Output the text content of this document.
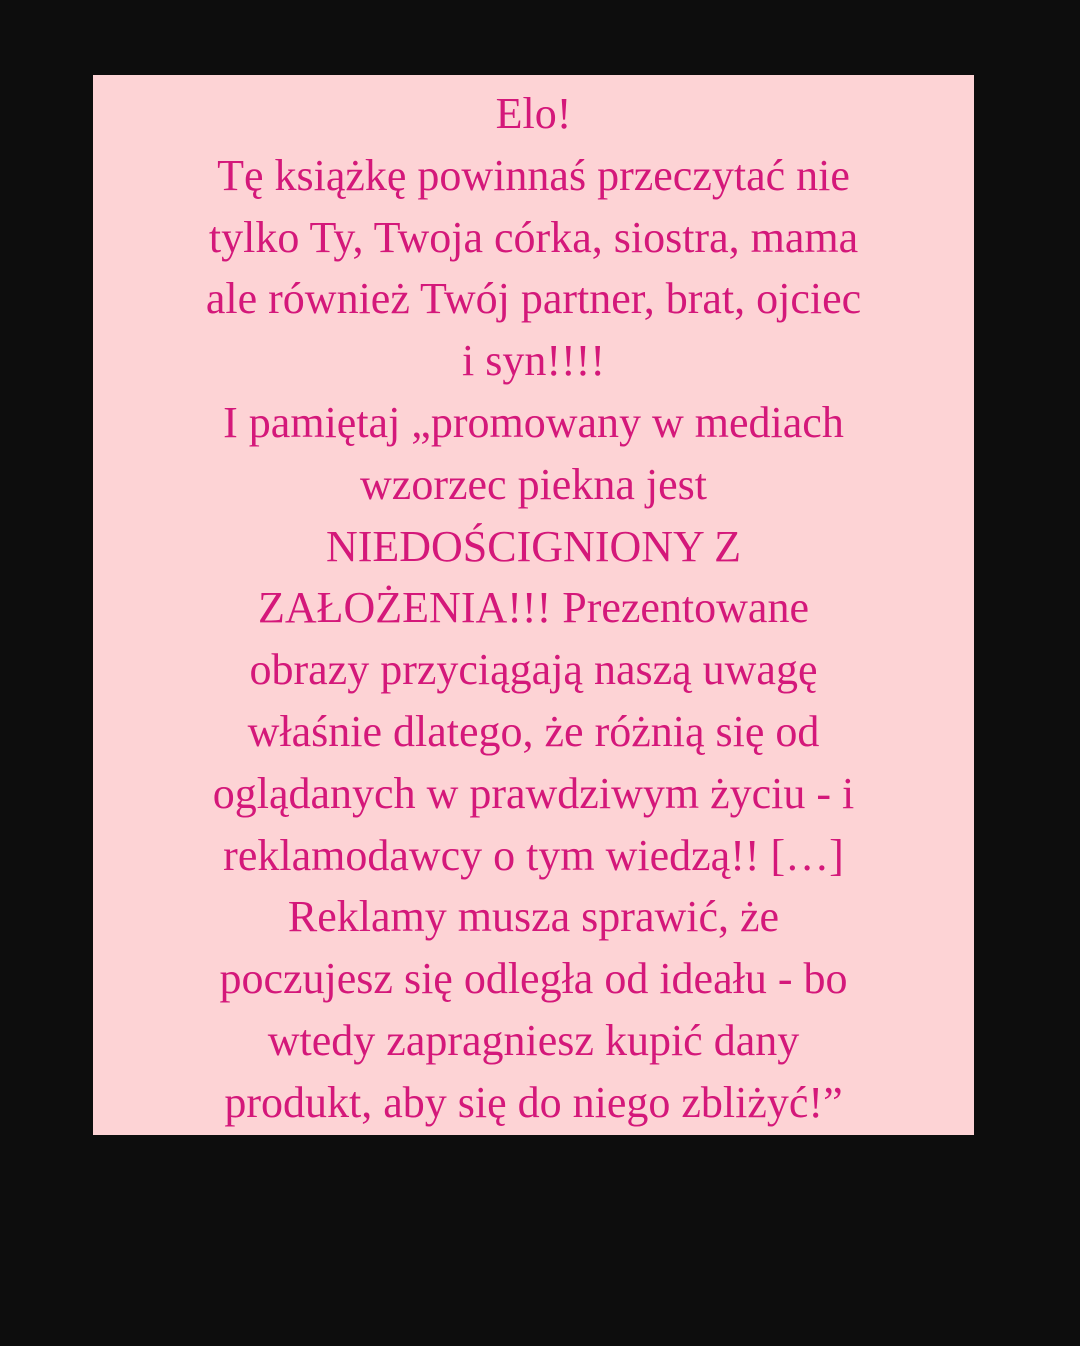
Elo!
Tę książkę powinnaś przeczytać nie
tylko Ty, Twoja córka, siostra, mama
ale również Twój partner, brat, ojciec
i syn!!!!
I pamiętaj „promowany w mediach
wzorzec piekna jest
NIEDOŚCIGNIONY Z
ZAŁOŻENIA!!! Prezentowane
obrazy przyciągają naszą uwagę
właśnie dlatego, że różnią się od
oglądanych w prawdziwym życiu - i
reklamodawcy o tym wiedzą!! […]
Reklamy musza sprawić, że
poczujesz się odległa od ideału - bo
wtedy zapragniesz kupić dany
produkt, aby się do niego zbliżyć!”
